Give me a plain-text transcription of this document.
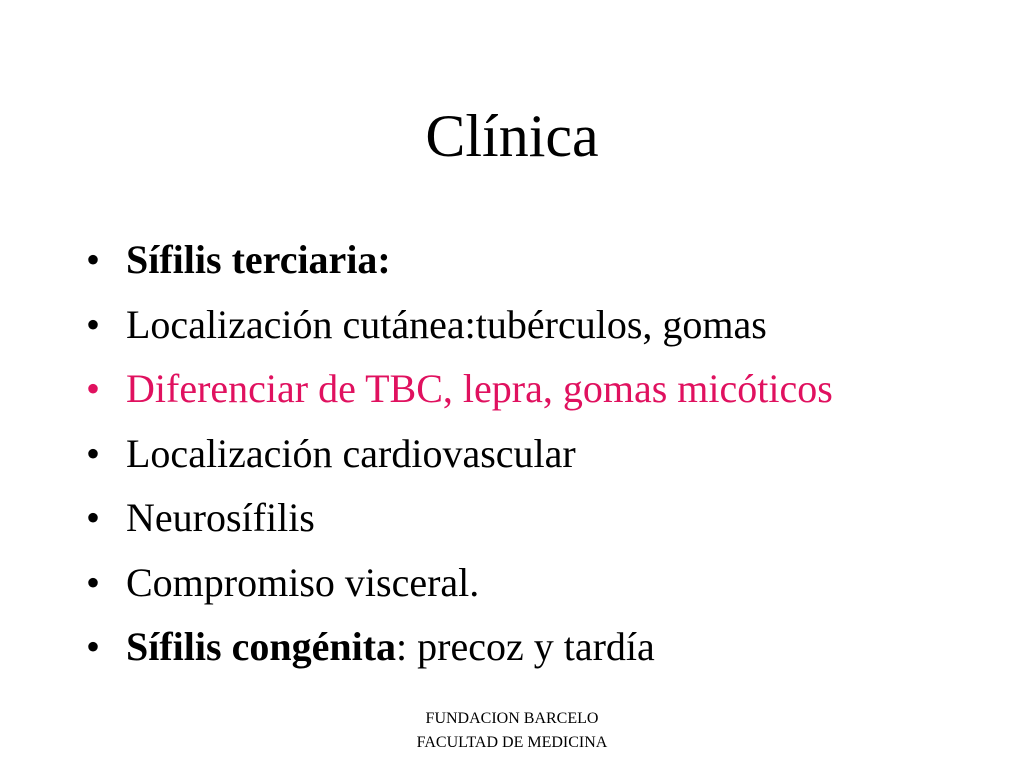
Clínica
• Sífilis terciaria:
• Localización cutánea:tubérculos, gomas
• Diferenciar de TBC, lepra, gomas micóticos
• Localización cardiovascular
• Neurosífilis
• Compromiso visceral.
• Sífilis congénita: precoz y tardía
FUNDACION BARCELO
FACULTAD DE MEDICINA
